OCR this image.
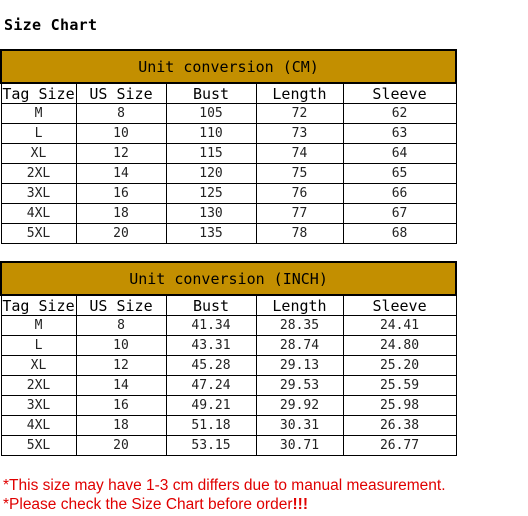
Size Chart
Unit conversion (CM)				
Tag Size	US Size	Bust	Length	Sleeve
M	8	105	72	62
L	10	110	73	63
XL	12	115	74	64
2XL	14	120	75	65
3XL	16	125	76	66
4XL	18	130	77	67
5XL	20	135	78	68
Unit conversion (INCH)				
Tag Size	US Size	Bust	Length	Sleeve
M	8	41.34	28.35	24.41
L	10	43.31	28.74	24.80
XL	12	45.28	29.13	25.20
2XL	14	47.24	29.53	25.59
3XL	16	49.21	29.92	25.98
4XL	18	51.18	30.31	26.38
5XL	20	53.15	30.71	26.77
*This size may have 1-3 cm differs due to manual measurement.
*Please check the Size Chart before order!!!
